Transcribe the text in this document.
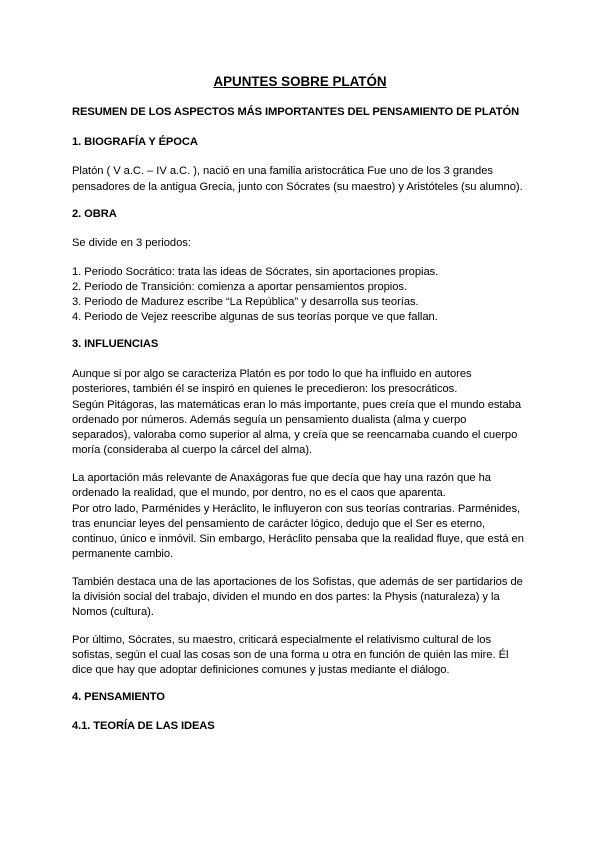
APUNTES SOBRE PLATÓN
RESUMEN DE LOS ASPECTOS MÁS IMPORTANTES DEL PENSAMIENTO DE PLATÓN
1. BIOGRAFÍA Y ÉPOCA
Platón ( V a.C. – IV a.C. ), nació en una familia aristocrática Fue uno de los 3 grandes
pensadores de la antigua Grecia, junto con Sócrates (su maestro) y Aristóteles (su alumno).
2. OBRA
Se divide en 3 periodos:
1. Periodo Socrático: trata las ideas de Sócrates, sin aportaciones propias.
2. Periodo de Transición: comienza a aportar pensamientos propios.
3. Periodo de Madurez escribe “La República” y desarrolla sus teorías.
4. Periodo de Vejez reescribe algunas de sus teorías porque ve que fallan.
3. INFLUENCIAS
Aunque si por algo se caracteriza Platón es por todo lo que ha influido en autores
posteriores, también él se inspiró en quienes le precedieron: los presocráticos.
Según Pitágoras, las matemáticas eran lo más importante, pues creía que el mundo estaba
ordenado por números. Además seguía un pensamiento dualista (alma y cuerpo
separados), valoraba como superior al alma, y creía que se reencarnaba cuando el cuerpo
moría (consideraba al cuerpo la cárcel del alma).
La aportación más relevante de Anaxágoras fue que decía que hay una razón que ha
ordenado la realidad, que el mundo, por dentro, no es el caos que aparenta.
Por otro lado, Parménides y Heráclito, le influyeron con sus teorías contrarias. Parménides,
tras enunciar leyes del pensamiento de carácter lógico, dedujo que el Ser es eterno,
continuo, único e inmóvil. Sin embargo, Heráclito pensaba que la realidad fluye, que está en
permanente cambio.
También destaca una de las aportaciones de los Sofistas, que además de ser partidarios de
la división social del trabajo, dividen el mundo en dos partes: la Physis (naturaleza) y la
Nomos (cultura).
Por último, Sócrates, su maestro, criticará especialmente el relativismo cultural de los
sofistas, según el cual las cosas son de una forma u otra en función de quién las mire. Él
dice que hay que adoptar definiciones comunes y justas mediante el diálogo.
4. PENSAMIENTO
4.1. TEORÍA DE LAS IDEAS
